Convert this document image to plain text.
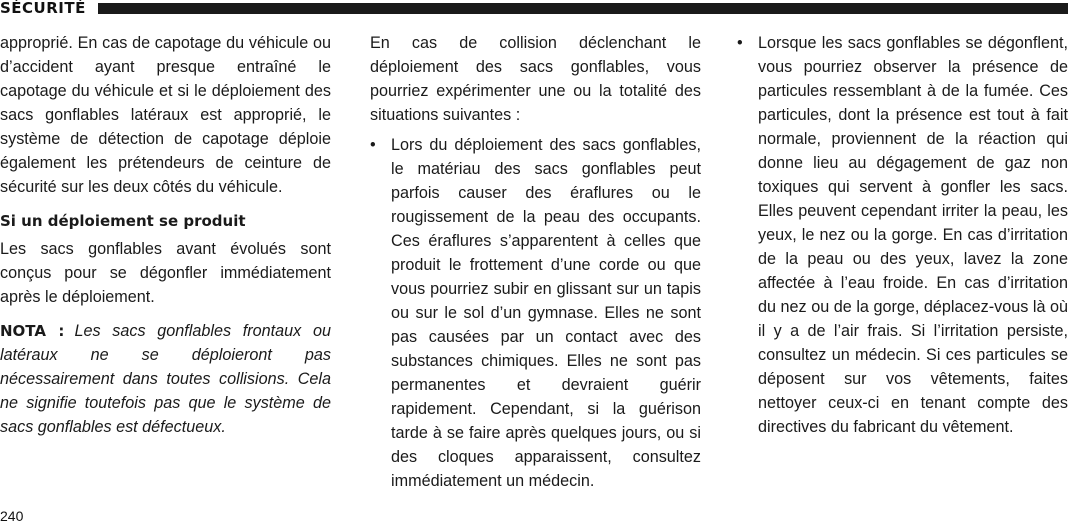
SÉCURITÉ

approprié. En cas de capotage du véhicule ou d’accident ayant presque entraîné le capotage du véhicule et si le déploiement des sacs gonflables latéraux est approprié, le système de détection de capotage déploie également les prétendeurs de ceinture de sécurité sur les deux côtés du véhicule.

Si un déploiement se produit

Les sacs gonflables avant évolués sont conçus pour se dégonfler immédiatement après le déploiement.

NOTA : Les sacs gonflables frontaux ou latéraux ne se déploieront pas nécessairement dans toutes collisions. Cela ne signifie toutefois pas que le système de sacs gonflables est défectueux.

En cas de collision déclenchant le déploiement des sacs gonflables, vous pourriez expérimenter une ou la totalité des situations suivantes :

• Lors du déploiement des sacs gonflables, le matériau des sacs gonflables peut parfois causer des éraflures ou le rougissement de la peau des occupants. Ces éraflures s’apparentent à celles que produit le frottement d’une corde ou que vous pourriez subir en glissant sur un tapis ou sur le sol d’un gymnase. Elles ne sont pas causées par un contact avec des substances chimiques. Elles ne sont pas permanentes et devraient guérir rapidement. Cependant, si la guérison tarde à se faire après quelques jours, ou si des cloques apparaissent, consultez immédiatement un médecin.
• Lorsque les sacs gonflables se dégonflent, vous pourriez observer la présence de particules ressemblant à de la fumée. Ces particules, dont la présence est tout à fait normale, proviennent de la réaction qui donne lieu au dégagement de gaz non toxiques qui servent à gonfler les sacs. Elles peuvent cependant irriter la peau, les yeux, le nez ou la gorge. En cas d’irritation de la peau ou des yeux, lavez la zone affectée à l’eau froide. En cas d’irritation du nez ou de la gorge, déplacez-vous là où il y a de l’air frais. Si l’irritation persiste, consultez un médecin. Si ces particules se déposent sur vos vêtements, faites nettoyer ceux-ci en tenant compte des directives du fabricant du vêtement.
240
